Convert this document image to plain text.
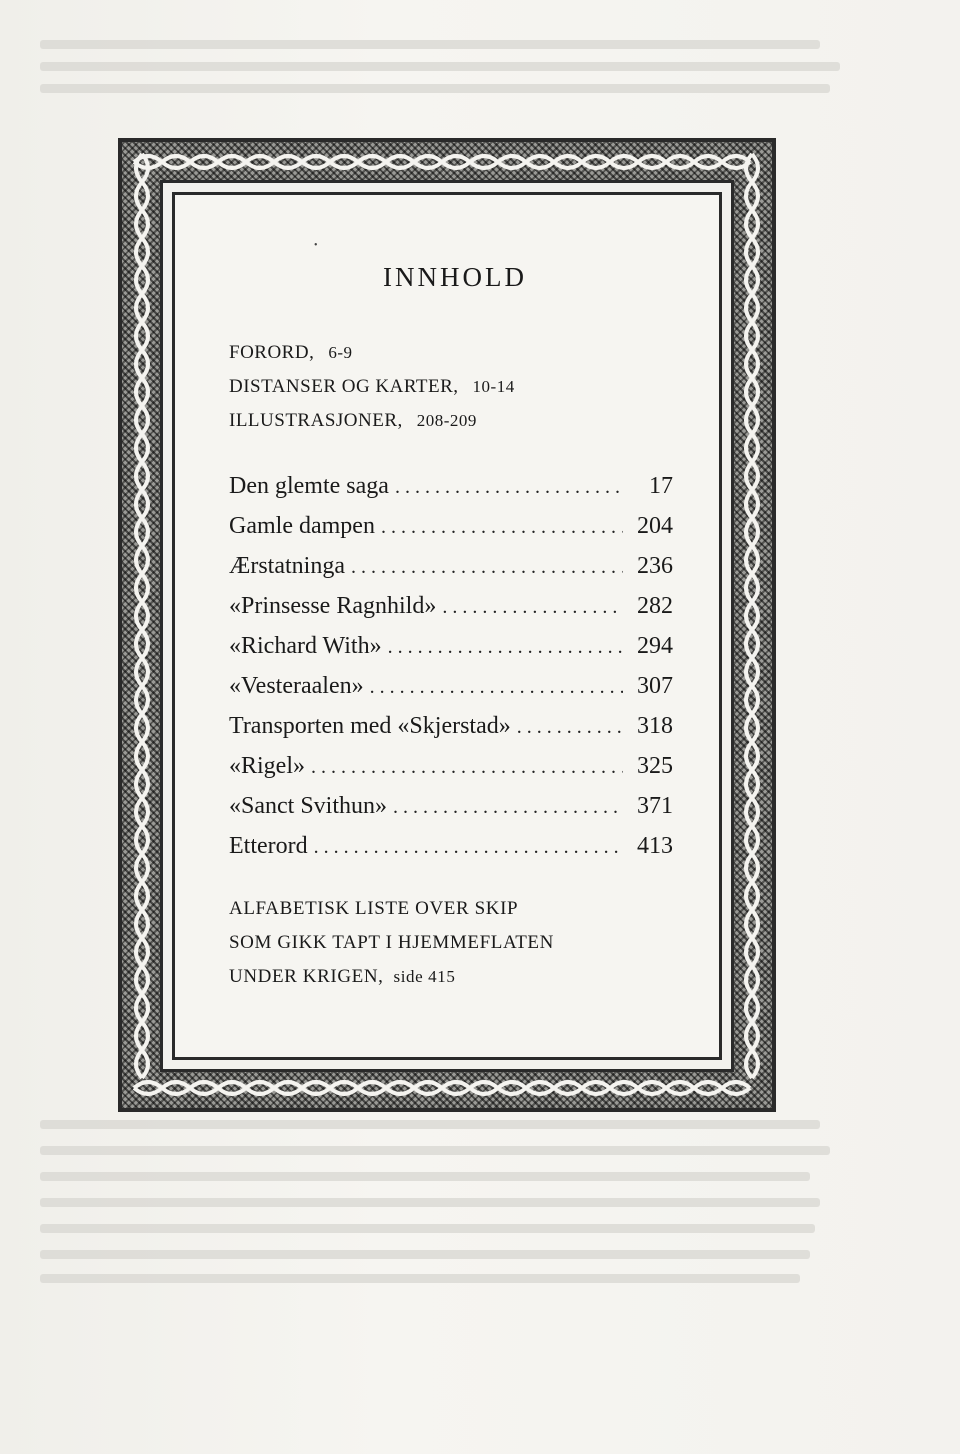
•
INNHOLD
FORORD, 6-9
DISTANSER OG KARTER, 10-14
ILLUSTRASJONER, 208-209
Den glemte saga . . .	17
Gamle dampen . . .	204
Ærstatninga . . .	236
«Prinsesse Ragnhild» . . .	282
«Richard With» . . .	294
«Vesteraalen» . . .	307
Transporten med «Skjerstad» . . .	318
«Rigel» . . .	325
«Sanct Svithun» . . .	371
Etterord . . .	413
ALFABETISK LISTE OVER SKIP
SOM GIKK TAPT I HJEMMEFLATEN
UNDER KRIGEN, side 415
